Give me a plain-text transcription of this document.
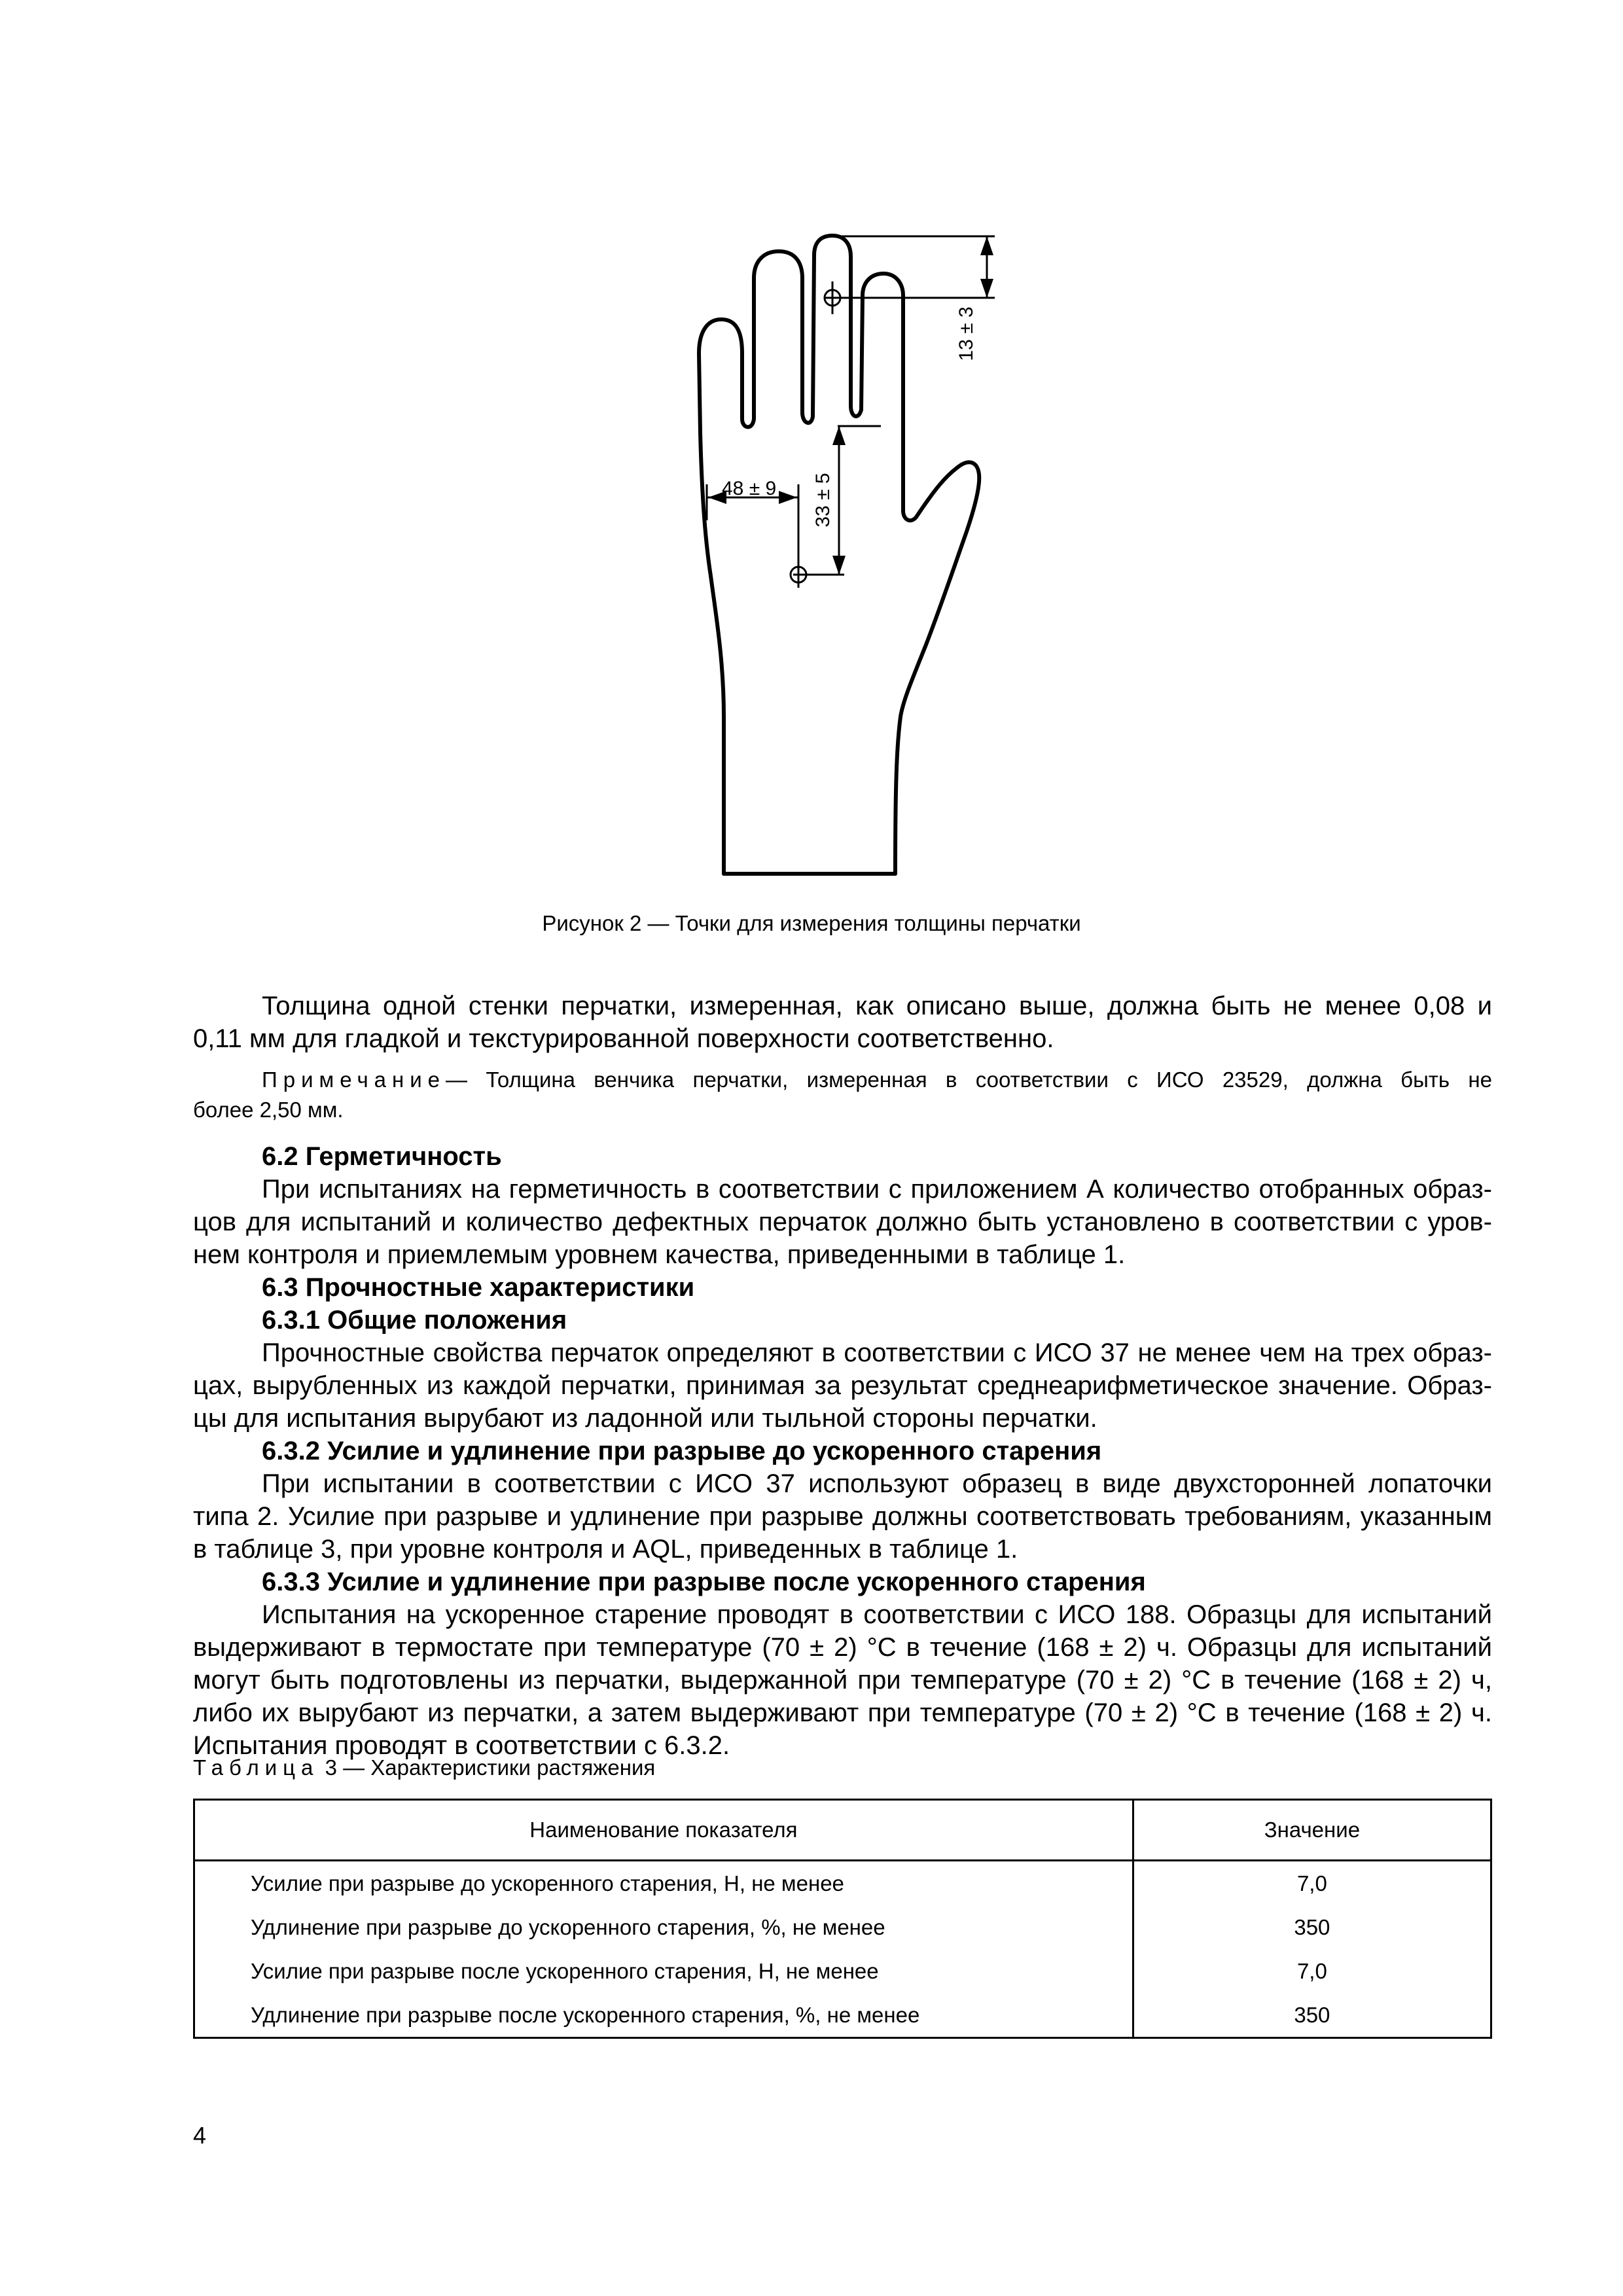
ГОСТ Р ИСО 11193-2—2009
13 ± 3
48 ± 9 33 ± 5
Рисунок 2 — Точки для измерения толщины перчатки

Толщина одной стенки перчатки, измеренная, как описано выше, должна быть не менее 0,08 и

0,11 мм для гладкой и текстурированной поверхности соответственно.

Примечание— Толщина венчика перчатки, измеренная в соответствии с ИСО 23529, должна быть не

более 2,50 мм.

6.2 Герметичность

При испытаниях на герметичность в соответствии с приложением А количество отобранных образ-

цов для испытаний и количество дефектных перчаток должно быть установлено в соответствии с уров-

нем контроля и приемлемым уровнем качества, приведенными в таблице 1.

6.3 Прочностные характеристики

6.3.1 Общие положения

Прочностные свойства перчаток определяют в соответствии с ИСО 37 не менее чем на трех образ-

цах, вырубленных из каждой перчатки, принимая за результат среднеарифметическое значение. Образ-

цы для испытания вырубают из ладонной или тыльной стороны перчатки.

6.3.2 Усилие и удлинение при разрыве до ускоренного старения

При испытании в соответствии с ИСО 37 используют образец в виде двухсторонней лопаточки

типа 2. Усилие при разрыве и удлинение при разрыве должны соответствовать требованиям, указанным

в таблице 3, при уровне контроля и AQL, приведенных в таблице 1.

6.3.3 Усилие и удлинение при разрыве после ускоренного старения

Испытания на ускоренное старение проводят в соответствии с ИСО 188. Образцы для испытаний

выдерживают в термостате при температуре (70 ± 2) °С в течение (168 ± 2) ч. Образцы для испытаний

могут быть подготовлены из перчатки, выдержанной при температуре (70 ± 2) °С в течение (168 ± 2) ч,

либо их вырубают из перчатки, а затем выдерживают при температуре (70 ± 2) °С в течение (168 ± 2) ч.

Испытания проводят в соответствии с 6.3.2.

Таблица 3 — Характеристики растяжения
Наименование показателя	Значение
Усилие при разрыве до ускоренного старения, Н, не менее	7,0
Удлинение при разрыве до ускоренного старения, %, не менее	350
Усилие при разрыве после ускоренного старения, Н, не менее	7,0
Удлинение при разрыве после ускоренного старения, %, не менее	350
4
